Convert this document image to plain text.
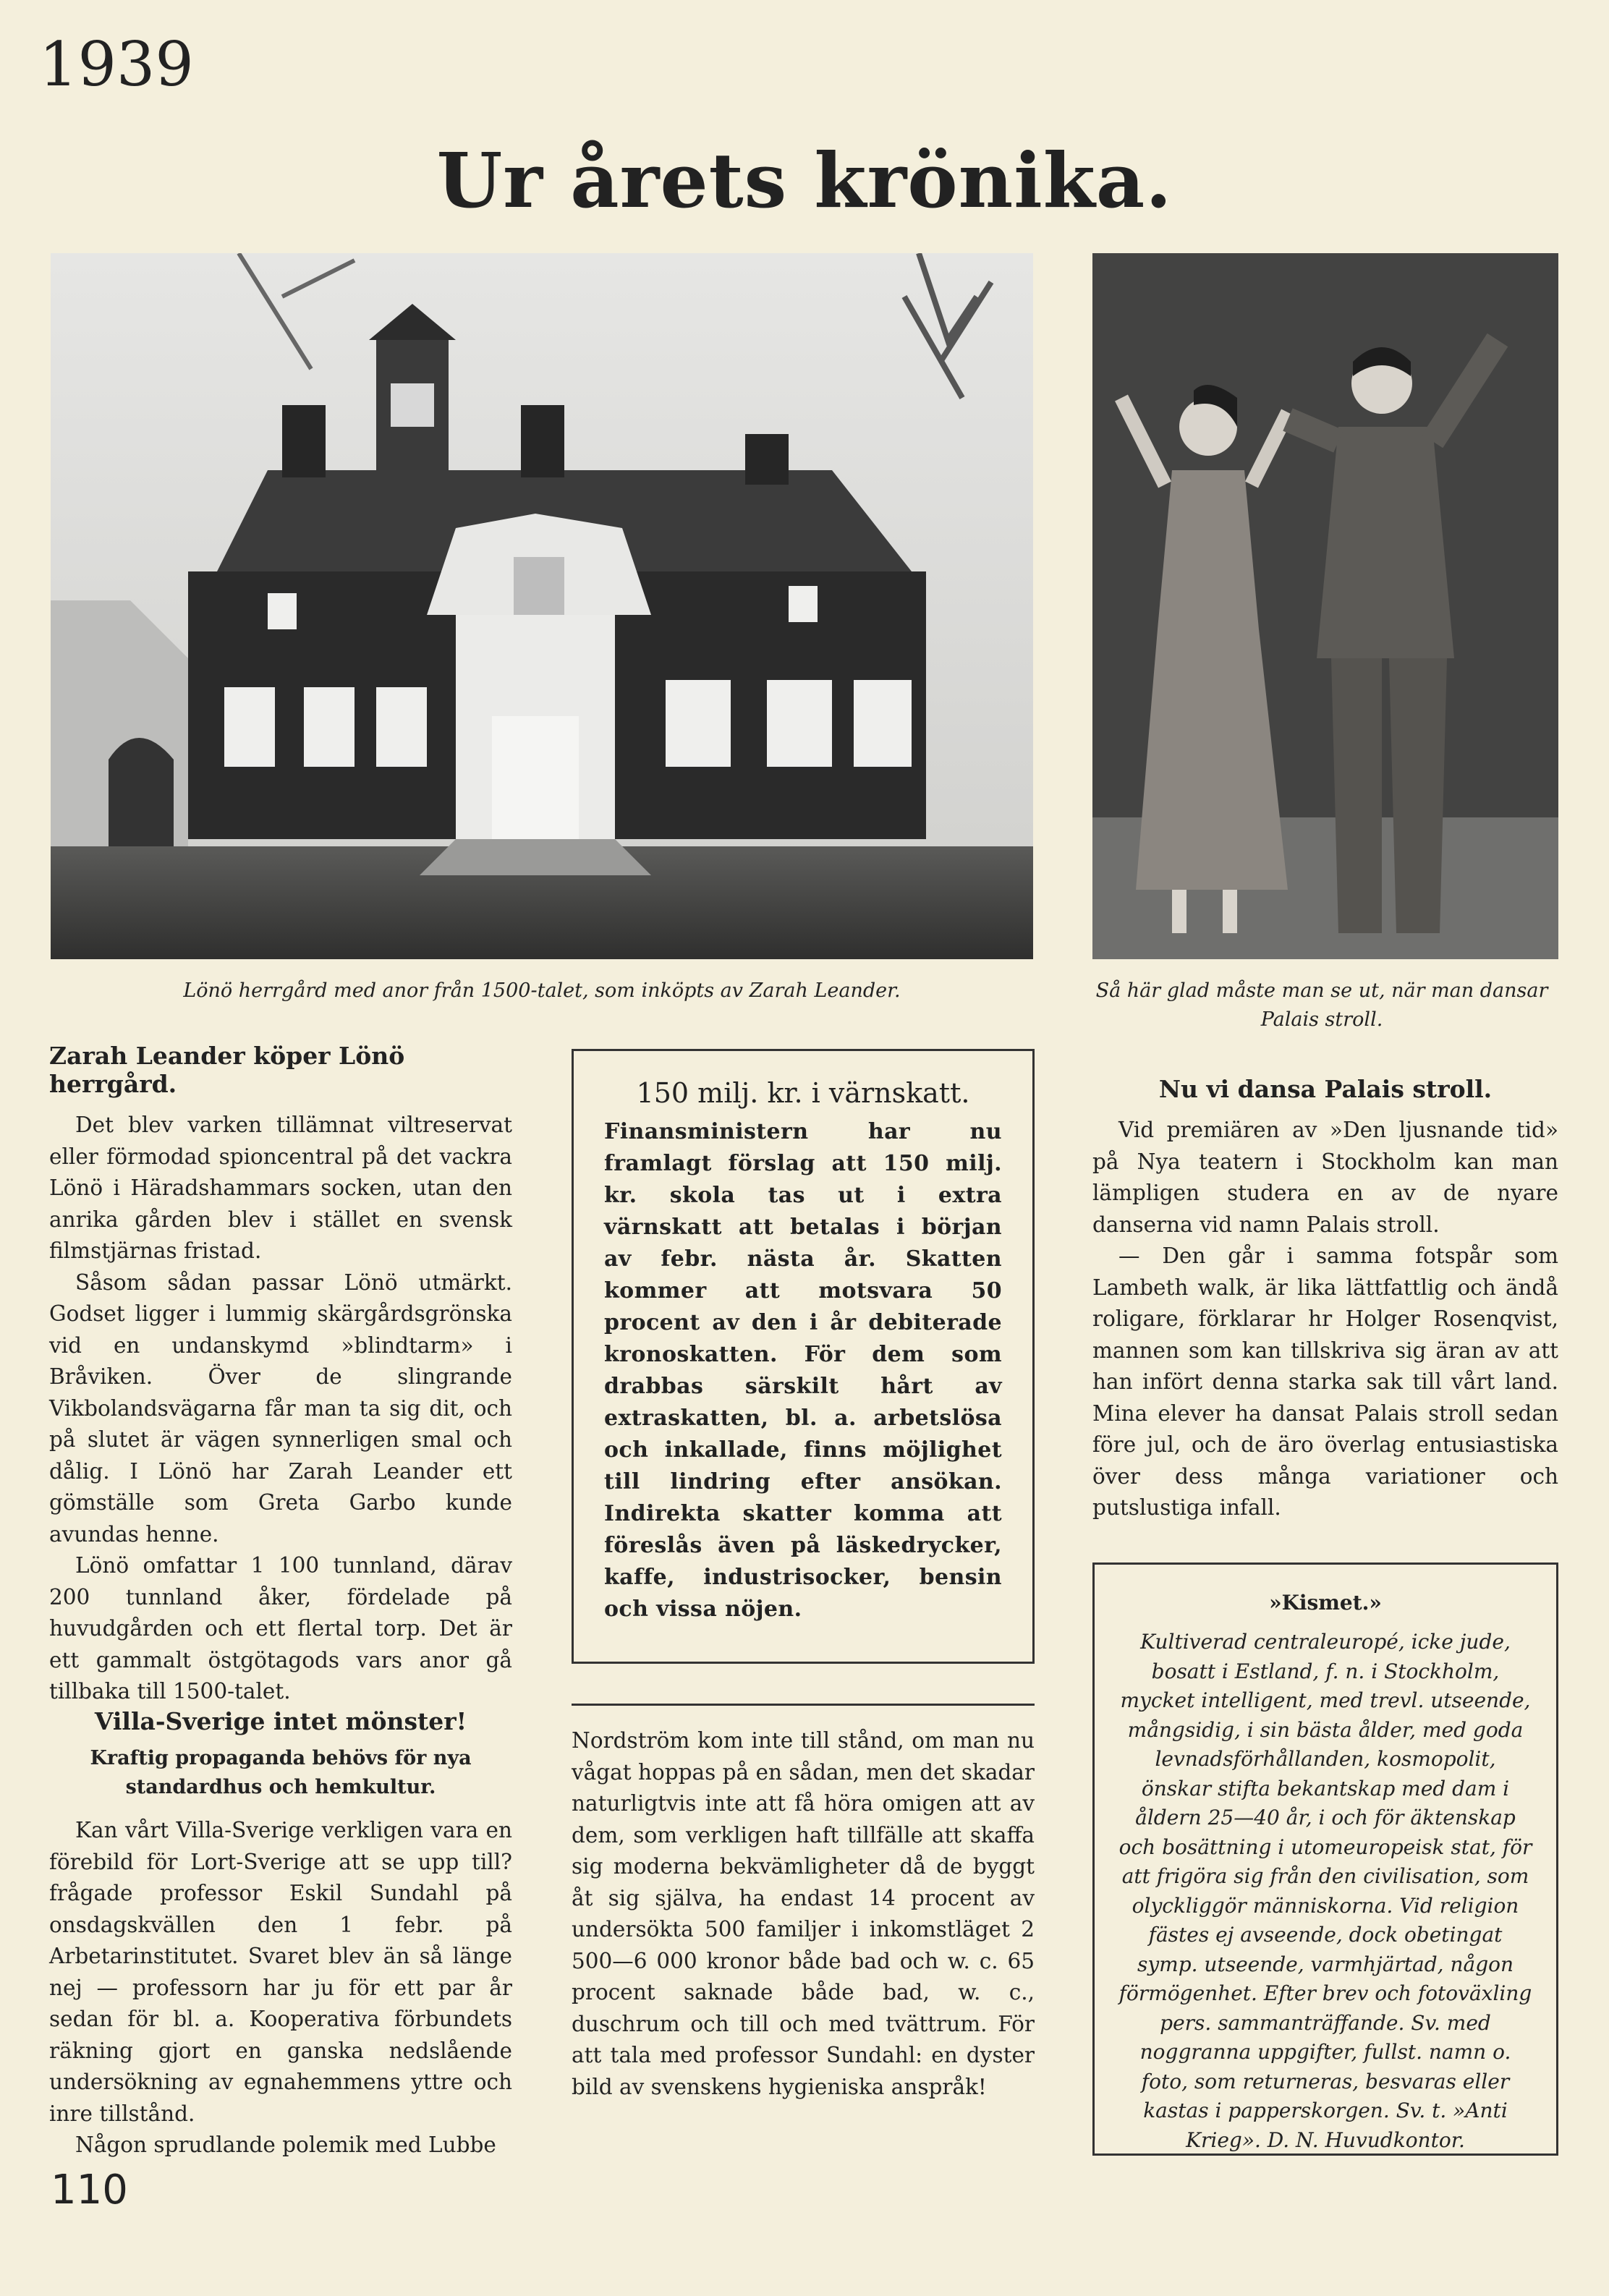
1939
Ur årets krönika.
Lönö herrgård med anor från 1500-talet, som inköpts av Zarah Leander.	Så här glad måste man se ut, när man dansar Palais stroll.
Zarah Leander köper Lönö herrgård.

Det blev varken tillämnat viltreservat eller förmodad spioncentral på det vackra Lönö i Häradshammars socken, utan den anrika gården blev i stället en svensk filmstjärnas fristad.

Såsom sådan passar Lönö utmärkt. Godset ligger i lummig skärgårdsgrönska vid en undanskymd »blindtarm» i Bråviken. Över de slingrande Vikbolandsvägarna får man ta sig dit, och på slutet är vägen synnerligen smal och dålig. I Lönö har Zarah Leander ett gömställe som Greta Garbo kunde avundas henne.

Lönö omfattar 1 100 tunnland, därav 200 tunnland åker, fördelade på huvudgården och ett flertal torp. Det är ett gammalt östgötagods vars anor gå tillbaka till 1500-talet.

Villa-Sverige intet mönster!
Kraftig propaganda behövs för nya standardhus och hemkultur.

Kan vårt Villa-Sverige verkligen vara en förebild för Lort-Sverige att se upp till? frågade professor Eskil Sundahl på onsdagskvällen den 1 febr. på Arbetarinstitutet. Svaret blev än så länge nej — professorn har ju för ett par år sedan för bl. a. Kooperativa förbundets räkning gjort en ganska nedslående undersökning av egnahemmens yttre och inre tillstånd.

Någon sprudlande polemik med Lubbe

150 milj. kr. i värnskatt.
Finansministern har nu framlagt förslag att 150 milj. kr. skola tas ut i extra värnskatt att betalas i början av febr. nästa år. Skatten kommer att motsvara 50 procent av den i år debiterade kronoskatten. För dem som drabbas särskilt hårt av extraskatten, bl. a. arbetslösa och inkallade, finns möjlighet till lindring efter ansökan. Indirekta skatter komma att föreslås även på läskedrycker, kaffe, industrisocker, bensin och vissa nöjen.

Nordström kom inte till stånd, om man nu vågat hoppas på en sådan, men det skadar naturligtvis inte att få höra omigen att av dem, som verkligen haft tillfälle att skaffa sig moderna bekvämligheter då de byggt åt sig själva, ha endast 14 procent av undersökta 500 familjer i inkomstläget 2 500—6 000 kronor både bad och w. c. 65 procent saknade både bad, w. c., duschrum och till och med tvättrum. För att tala med professor Sundahl: en dyster bild av svenskens hygieniska anspråk!

Nu vi dansa Palais stroll.

Vid premiären av »Den ljusnande tid» på Nya teatern i Stockholm kan man lämpligen studera en av de nyare danserna vid namn Palais stroll.

— Den går i samma fotspår som Lambeth walk, är lika lättfattlig och ändå roligare, förklarar hr Holger Rosenqvist, mannen som kan tillskriva sig äran av att han infört denna starka sak till vårt land. Mina elever ha dansat Palais stroll sedan före jul, och de äro överlag entusiastiska över dess många variationer och putslustiga infall.

»Kismet.»
Kultiverad centraleuropé, icke jude, bosatt i Estland, f. n. i Stockholm, mycket intelligent, med trevl. utseende, mångsidig, i sin bästa ålder, med goda levnadsförhållanden, kosmopolit, önskar stifta bekantskap med dam i åldern 25—40 år, i och för äktenskap och bosättning i utomeuropeisk stat, för att frigöra sig från den civilisation, som olyckliggör människorna. Vid religion fästes ej avseende, dock obetingat symp. utseende, varmhjärtad, någon förmögenhet. Efter brev och fotoväxling pers. sammanträffande. Sv. med noggranna uppgifter, fullst. namn o. foto, som returneras, besvaras eller kastas i papperskorgen. Sv. t. »Anti Krieg». D. N. Huvudkontor.
110
